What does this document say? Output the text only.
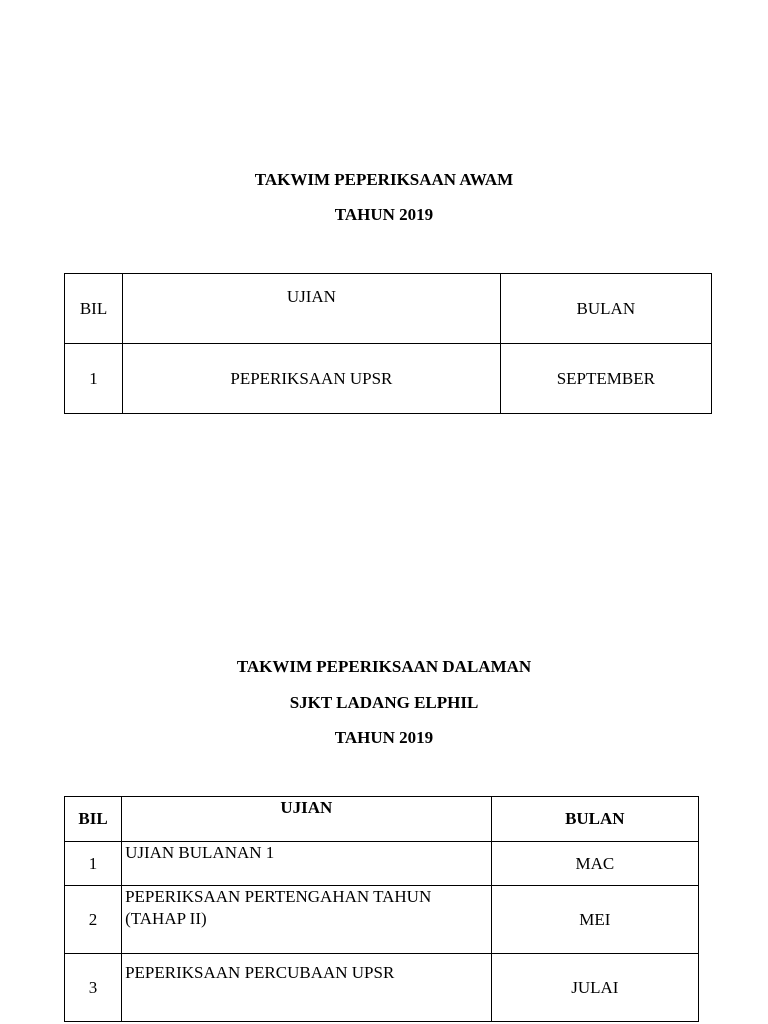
TAKWIM PEPERIKSAAN AWAM
TAHUN 2019
BIL	UJIAN	BULAN
1	PEPERIKSAAN UPSR	SEPTEMBER
TAKWIM PEPERIKSAAN DALAMAN
SJKT LADANG ELPHIL
TAHUN 2019
BIL	UJIAN	BULAN
1	UJIAN BULANAN 1	MAC
2	PEPERIKSAAN PERTENGAHAN TAHUN (TAHAP II)	MEI
3	PEPERIKSAAN PERCUBAAN UPSR	JULAI
